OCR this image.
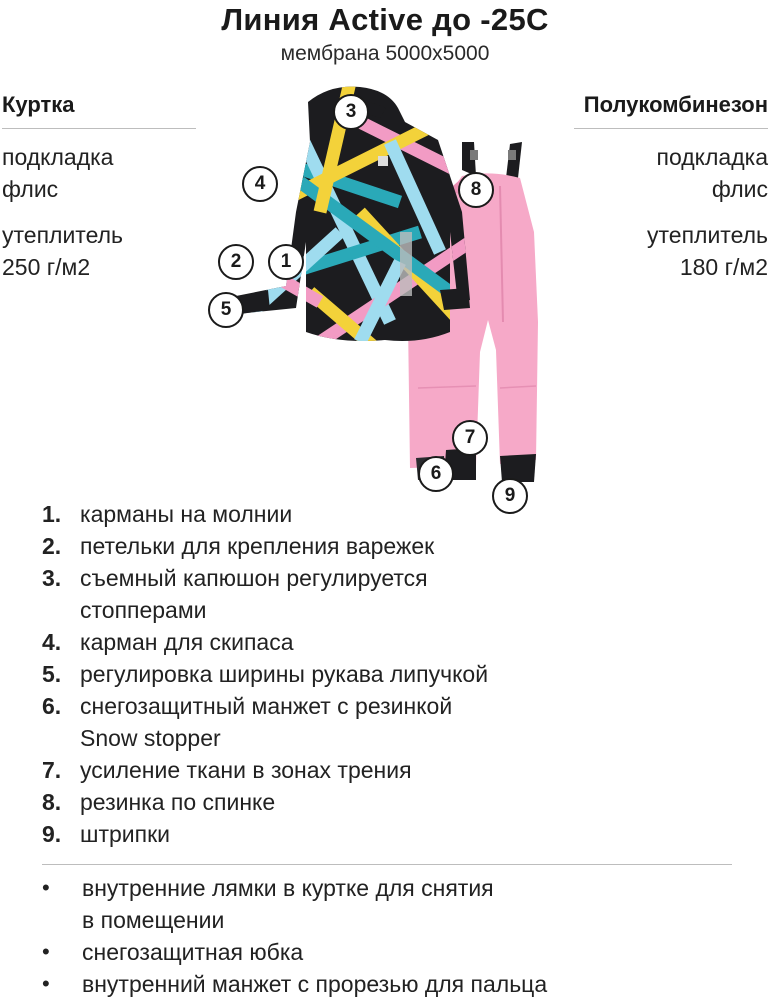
Линия Active до -25С
мембрана 5000х5000
Куртка
подкладка
флис
утеплитель
250 г/м2
Полукомбинезон
подкладка
флис
утеплитель
180 г/м2
3
4
2	1
5
8
7
6
9
1. карманы на молнии
2. петельки для крепления варежек
3. съемный капюшон регулируется
стопперами
4. карман для скипаса
5. регулировка ширины рукава липучкой
6. снегозащитный манжет с резинкой
Snow stopper
7. усиление ткани в зонах трения
8. резинка по спинке
9. штрипки
•	внутренние лямки в куртке для снятия
в помещении
•	снегозащитная юбка
•	внутренний манжет с прорезью для пальца
